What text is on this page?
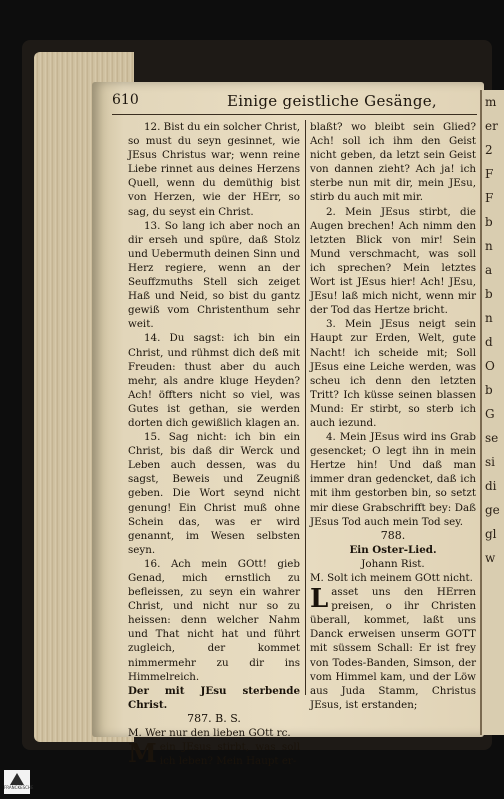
m
er
2
F
F
b
n
a
b
n
d
O
b
G
se
si
di
ge
gl
w
610	Einige geistliche Gesänge,

12. Bist du ein solcher Christ, so must du seyn gesinnet, wie JEsus Christus war; wenn reine Liebe rinnet aus deines Herzens Quell, wenn du demüthig bist von Herzen, wie der HErr, so sag, du seyst ein Christ.

13. So lang ich aber noch an dir erseh und spüre, daß Stolz und Uebermuth deinen Sinn und Herz regiere, wenn an der Seuffzmuths Stell sich zeiget Haß und Neid, so bist du gantz gewiß vom Christenthum sehr weit.

14. Du sagst: ich bin ein Christ, und rühmst dich deß mit Freuden: thust aber du auch mehr, als andre kluge Heyden? Ach! öffters nicht so viel, was Gutes ist gethan, sie werden dorten dich gewißlich klagen an.

15. Sag nicht: ich bin ein Christ, bis daß dir Werck und Leben auch dessen, was du sagst, Beweis und Zeugniß geben. Die Wort seynd nicht genung! Ein Christ muß ohne Schein das, was er wird genannt, im Wesen selbsten seyn.

16. Ach mein GOtt! gieb Genad, mich ernstlich zu befleissen, zu seyn ein wahrer Christ, und nicht nur so zu heissen: denn welcher Nahm und That nicht hat und führt zugleich, der kommet nimmermehr zu dir ins Himmelreich.

Der mit JEsu sterbende Christ.

787. B. S.

M. Wer nur den lieben GOtt rc.

Mein JEsus stirbt, was soll ich leben? Mein Haupt er-

blaßt? wo bleibt sein Glied? Ach! soll ich ihm den Geist nicht geben, da letzt sein Geist von dannen zieht? Ach ja! ich sterbe nun mit dir, mein JEsu, stirb du auch mit mir.

2. Mein JEsus stirbt, die Augen brechen! Ach nimm den letzten Blick von mir! Sein Mund verschmacht, was soll ich sprechen? Mein letztes Wort ist JEsus hier! Ach! JEsu, JEsu! laß mich nicht, wenn mir der Tod das Hertze bricht.

3. Mein JEsus neigt sein Haupt zur Erden, Welt, gute Nacht! ich scheide mit; Soll JEsus eine Leiche werden, was scheu ich denn den letzten Tritt? Ich küsse seinen blassen Mund: Er stirbt, so sterb ich auch iezund.

4. Mein JEsus wird ins Grab gesencket; O legt ihn in mein Hertze hin! Und daß man immer dran gedencket, daß ich mit ihm gestorben bin, so setzt mir diese Grabschrifft bey: Daß JEsus Tod auch mein Tod sey.

788.

Ein Oster-Lied.

Johann Rist.

M. Solt ich meinem GOtt nicht.

Lasset uns den HErren preisen, o ihr Christen überall, kommet, laßt uns Danck erweisen unserm GOTT mit süssem Schall: Er ist frey von Todes-Banden, Simson, der vom Himmel kam, und der Löw aus Juda Stamm, Christus JEsus, ist erstanden;

FRANCKESCHE
